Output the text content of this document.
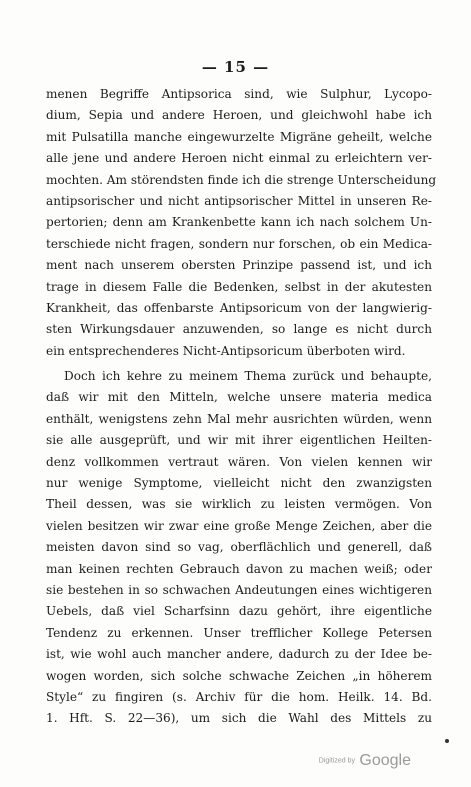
— 15 —
menen Begriffe Antipsorica sind, wie Sulphur, Lycopo-
dium, Sepia und andere Heroen, und gleichwohl habe ich
mit Pulsatilla manche eingewurzelte Migräne geheilt, welche
alle jene und andere Heroen nicht einmal zu erleichtern ver-
mochten. Am störendsten finde ich die strenge Unterscheidung
antipsorischer und nicht antipsorischer Mittel in unseren Re-
pertorien; denn am Krankenbette kann ich nach solchem Un-
terschiede nicht fragen, sondern nur forschen, ob ein Medica-
ment nach unserem obersten Prinzipe passend ist, und ich
trage in diesem Falle die Bedenken, selbst in der akutesten
Krankheit, das offenbarste Antipsoricum von der langwierig-
sten Wirkungsdauer anzuwenden, so lange es nicht durch
ein entsprechenderes Nicht-Antipsoricum überboten wird.
Doch ich kehre zu meinem Thema zurück und behaupte,
daß wir mit den Mitteln, welche unsere materia medica
enthält, wenigstens zehn Mal mehr ausrichten würden, wenn
sie alle ausgeprüft, und wir mit ihrer eigentlichen Heilten-
denz vollkommen vertraut wären. Von vielen kennen wir
nur wenige Symptome, vielleicht nicht den zwanzigsten
Theil dessen, was sie wirklich zu leisten vermögen. Von
vielen besitzen wir zwar eine große Menge Zeichen, aber die
meisten davon sind so vag, oberflächlich und generell, daß
man keinen rechten Gebrauch davon zu machen weiß; oder
sie bestehen in so schwachen Andeutungen eines wichtigeren
Uebels, daß viel Scharfsinn dazu gehört, ihre eigentliche
Tendenz zu erkennen. Unser trefflicher Kollege Petersen
ist, wie wohl auch mancher andere, dadurch zu der Idee be-
wogen worden, sich solche schwache Zeichen „in höherem
Style“ zu fingiren (s. Archiv für die hom. Heilk. 14. Bd.
1. Hft. S. 22—36), um sich die Wahl des Mittels zu
Digitized by Google
